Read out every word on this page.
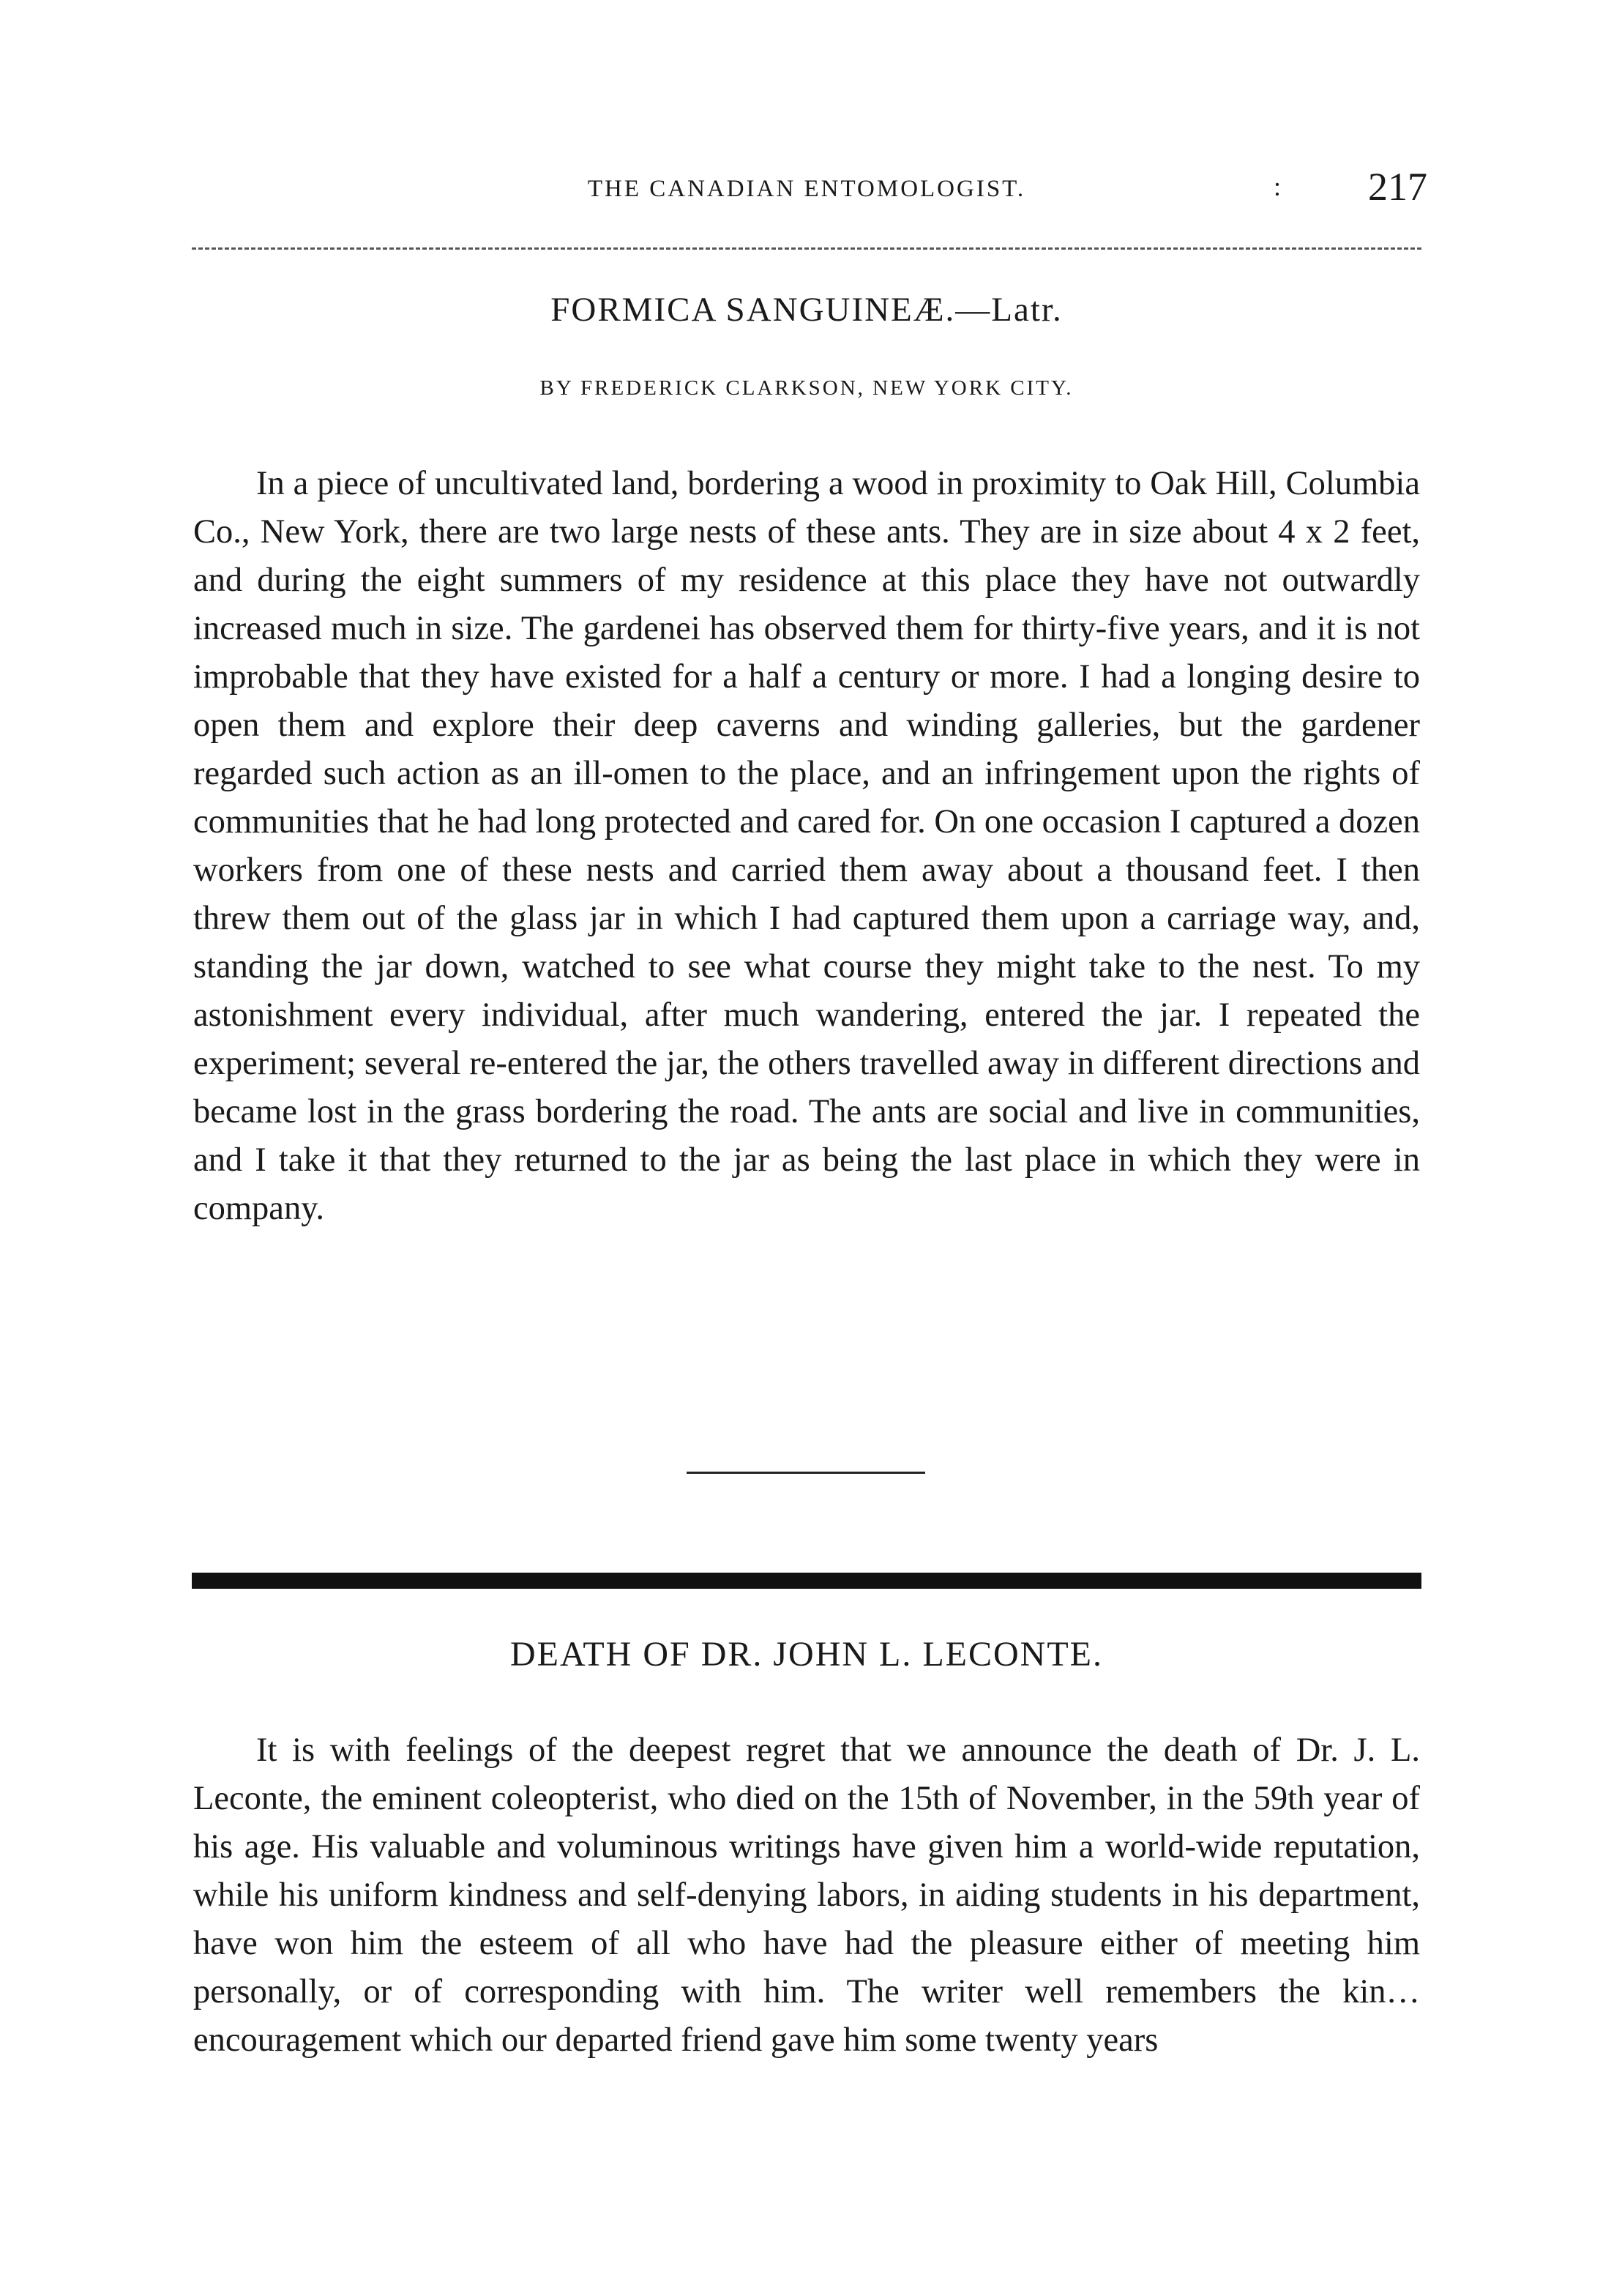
THE CANADIAN ENTOMOLOGIST.	: 217
FORMICA SANGUINEÆ.—Latr.
BY FREDERICK CLARKSON, NEW YORK CITY.

In a piece of uncultivated land, bordering a wood in proximity to Oak Hill, Columbia Co., New York, there are two large nests of these ants. They are in size about 4 x 2 feet, and during the eight summers of my residence at this place they have not outwardly increased much in size. The gardenei has observed them for thirty-five years, and it is not improbable that they have existed for a half a century or more. I had a longing desire to open them and explore their deep caverns and winding galleries, but the gardener regarded such action as an ill-omen to the place, and an infringement upon the rights of communities that he had long protected and cared for. On one occasion I captured a dozen workers from one of these nests and carried them away about a thousand feet. I then threw them out of the glass jar in which I had captured them upon a carriage way, and, standing the jar down, watched to see what course they might take to the nest. To my astonishment every individual, after much wandering, entered the jar. I repeated the experiment; several re-entered the jar, the others travelled away in different directions and became lost in the grass bordering the road. The ants are social and live in communities, and I take it that they returned to the jar as being the last place in which they were in company.

DEATH OF DR. JOHN L. LECONTE.

It is with feelings of the deepest regret that we announce the death of Dr. J. L. Leconte, the eminent coleopterist, who died on the 15th of November, in the 59th year of his age. His valuable and voluminous writings have given him a world-wide reputation, while his uniform kindness and self-denying labors, in aiding students in his department, have won him the esteem of all who have had the pleasure either of meeting him personally, or of corresponding with him. The writer well remembers the kin… encouragement which our departed friend gave him some twenty years
